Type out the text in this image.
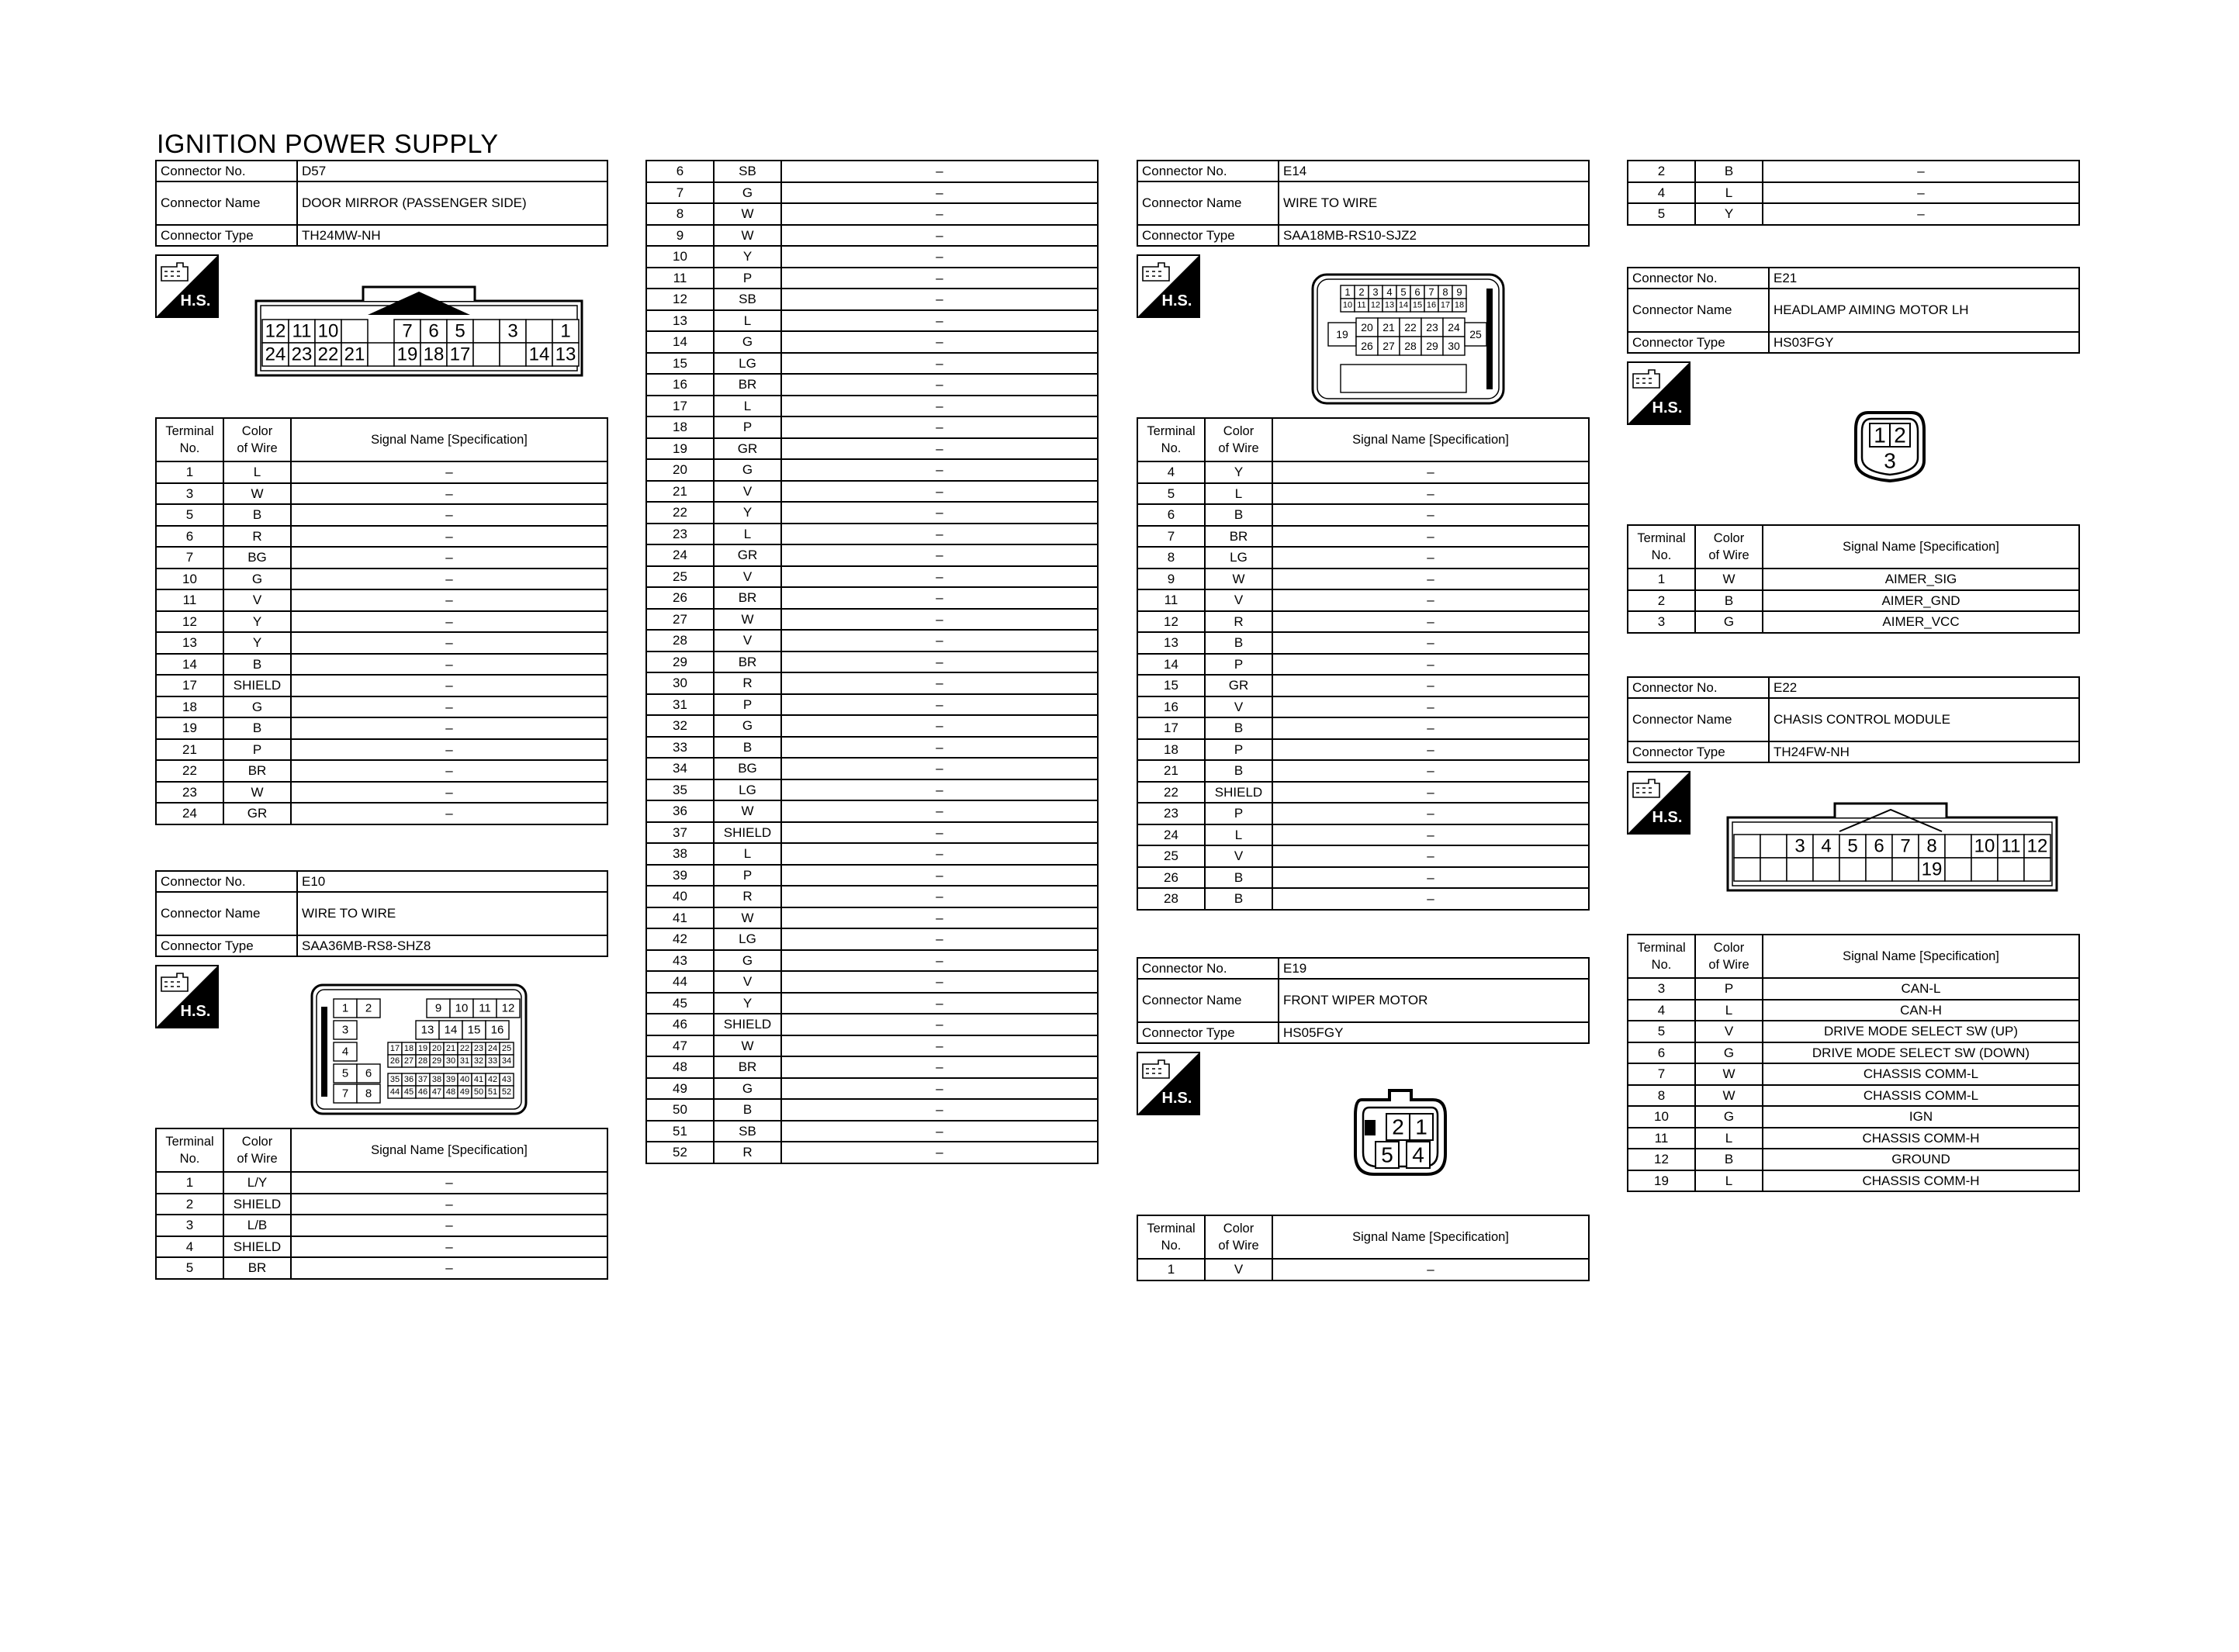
IGNITION POWER SUPPLY
Connector No.	D57
Connector Name	DOOR MIRROR (PASSENGER SIDE)
Connector Type	TH24MW-NH
H.S.
12 11 10	7 6 5 3 1
24 23 22 21 19 18 17	14 13
Terminal
No.	Color
of Wire	Signal Name [Specification]
1	L	–
3	W	–
5	B	–
6	R	–
7	BG	–
10	G	–
11	V	–
12	Y	–
13	Y	–
14	B	–
17	SHIELD	–
18	G	–
19	B	–
21	P	–
22	BR	–
23	W	–
24	GR	–
Connector No.	E10
Connector Name	WIRE TO WIRE
Connector Type	SAA36MB-RS8-SHZ8
H.S.	1 2	9 10 11 12
3	13 14 15 16
4	17 18 19 20 21 22 23 24 25
26 27 28 29 30 31 32 33 34
5 6
7 8
35 36 37 38 39 40 41 42 43
44 45 46 47 48 49 50 51 52
Terminal
No.	Color
of Wire	Signal Name [Specification]
1	L/Y	–
2	SHIELD	–
3	L/B	–
4	SHIELD	–
5	BR	–
6	SB	–
7	G	–
8	W	–
9	W	–
10	Y	–
11	P	–
12	SB	–
13	L	–
14	G	–
15	LG	–
16	BR	–
17	L	–
18	P	–
19	GR	–
20	G	–
21	V	–
22	Y	–
23	L	–
24	GR	–
25	V	–
26	BR	–
27	W	–
28	V	–
29	BR	–
30	R	–
31	P	–
32	G	–
33	B	–
34	BG	–
35	LG	–
36	W	–
37	SHIELD	–
38	L	–
39	P	–
40	R	–
41	W	–
42	LG	–
43	G	–
44	V	–
45	Y	–
46	SHIELD	–
47	W	–
48	BR	–
49	G	–
50	B	–
51	SB	–
52	R	–
Connector No.	E14
Connector Name	WIRE TO WIRE
Connector Type	SAA18MB-RS10-SJZ2
H.S.
1 2 3 4 5 6 7 8 9
10 11 12 13 14 15 16 17 18
19
20 21 22 23 24
26 27 28 29 30
25
Terminal
No.	Color
of Wire	Signal Name [Specification]
4	Y	–
5	L	–
6	B	–
7	BR	–
8	LG	–
9	W	–
11	V	–
12	R	–
13	B	–
14	P	–
15	GR	–
16	V	–
17	B	–
18	P	–
21	B	–
22	SHIELD	–
23	P	–
24	L	–
25	V	–
26	B	–
28	B	–
Connector No.	E19
Connector Name	FRONT WIPER MOTOR
Connector Type	HS05FGY
H.S.
2 1
5 4
Terminal
No.	Color
of Wire	Signal Name [Specification]
1	V	–
2	B	–
4	L	–
5	Y	–
Connector No.	E21
Connector Name	HEADLAMP AIMING MOTOR LH
Connector Type	HS03FGY
H.S.
1 2
3
Terminal
No.	Color
of Wire	Signal Name [Specification]
1	W	AIMER_SIG
2	B	AIMER_GND
3	G	AIMER_VCC
Connector No.	E22
Connector Name	CHASIS CONTROL MODULE
Connector Type	TH24FW-NH
H.S.
3 4 5 6 7 8 10 11 12
19
Terminal
No.	Color
of Wire	Signal Name [Specification]
3	P	CAN-L
4	L	CAN-H
5	V	DRIVE MODE SELECT SW (UP)
6	G	DRIVE MODE SELECT SW (DOWN)
7	W	CHASSIS COMM-L
8	W	CHASSIS COMM-L
10	G	IGN
11	L	CHASSIS COMM-H
12	B	GROUND
19	L	CHASSIS COMM-H
